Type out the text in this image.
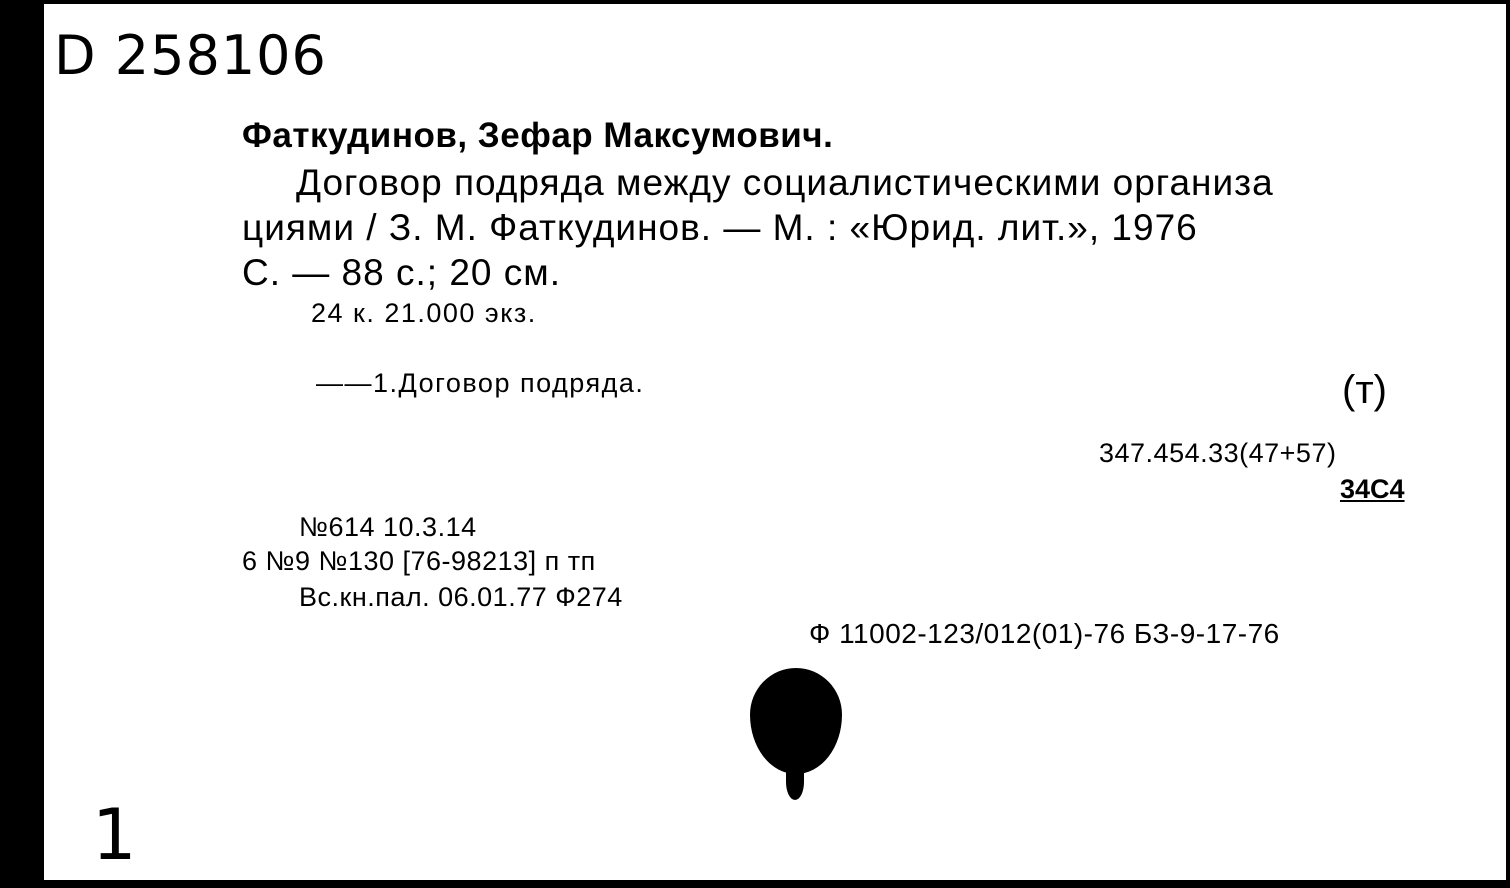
D 258106
Фаткудинов, Зефар Максумович.
Договор подряда между социалистическими организа
циями / З. М. Фаткудинов. — М. : «Юрид. лит.», 1976
С. — 88 с.; 20 см.
24 к. 21.000 экз.
——1.Договор подряда.	(т)
347.454.33(47+57)
34С4
№614 10.3.14
6 №9 №130 [76-98213] п тп
Вс.кн.пал. 06.01.77 Ф274
Ф 11002-123/012(01)-76 БЗ-9-17-76
1
